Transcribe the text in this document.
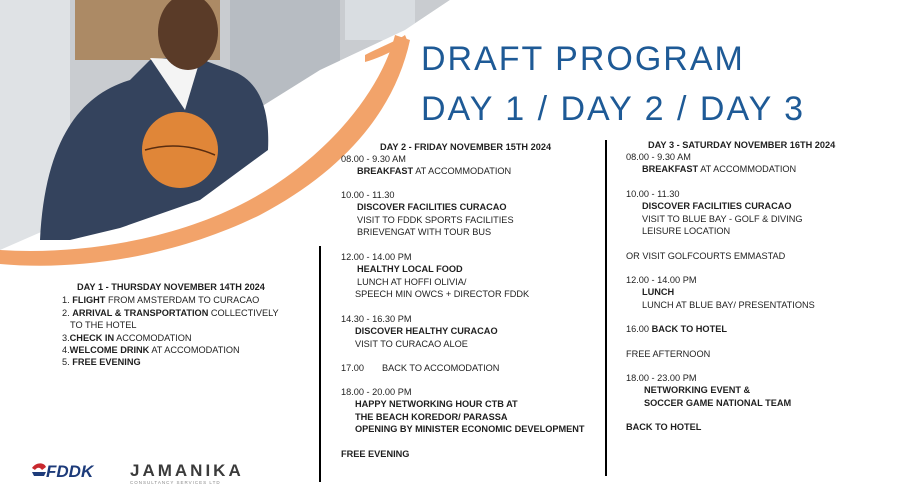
DRAFT PROGRAM
DAY 1 / DAY 2 / DAY 3
DAY 1 - THURSDAY NOVEMBER 14TH 2024
1. FLIGHT FROM AMSTERDAM TO CURACAO
2. ARRIVAL & TRANSPORTATION COLLECTIVELY
TO THE HOTEL
3.CHECK IN ACCOMODATION
4.WELCOME DRINK AT ACCOMODATION
5. FREE EVENING
DAY 2 - FRIDAY NOVEMBER 15TH 2024
08.00 - 9.30 AM
BREAKFAST AT ACCOMMODATION
10.00 - 11.30
DISCOVER FACILITIES CURACAO
VISIT TO FDDK SPORTS FACILITIES
BRIEVENGAT WITH TOUR BUS
12.00 - 14.00 PM
HEALTHY LOCAL FOOD
LUNCH AT HOFFI OLIVIA/
SPEECH MIN OWCS + DIRECTOR FDDK
14.30 - 16.30 PM
DISCOVER HEALTHY CURACAO
VISIT TO CURACAO ALOE
17.00 BACK TO ACCOMODATION
18.00 - 20.00 PM
HAPPY NETWORKING HOUR CTB AT
THE BEACH KOREDOR/ PARASSA
OPENING BY MINISTER ECONOMIC DEVELOPMENT
FREE EVENING
DAY 3 - SATURDAY NOVEMBER 16TH 2024
08.00 - 9.30 AM
BREAKFAST AT ACCOMMODATION
10.00 - 11.30
DISCOVER FACILITIES CURACAO
VISIT TO BLUE BAY - GOLF & DIVING
LEISURE LOCATION
OR VISIT GOLFCOURTS EMMASTAD
12.00 - 14.00 PM
LUNCH
LUNCH AT BLUE BAY/ PRESENTATIONS
16.00 BACK TO HOTEL
FREE AFTERNOON
18.00 - 23.00 PM
NETWORKING EVENT &
SOCCER GAME NATIONAL TEAM
BACK TO HOTEL
FDDK JAMANIKA
CONSULTANCY SERVICES LTD
